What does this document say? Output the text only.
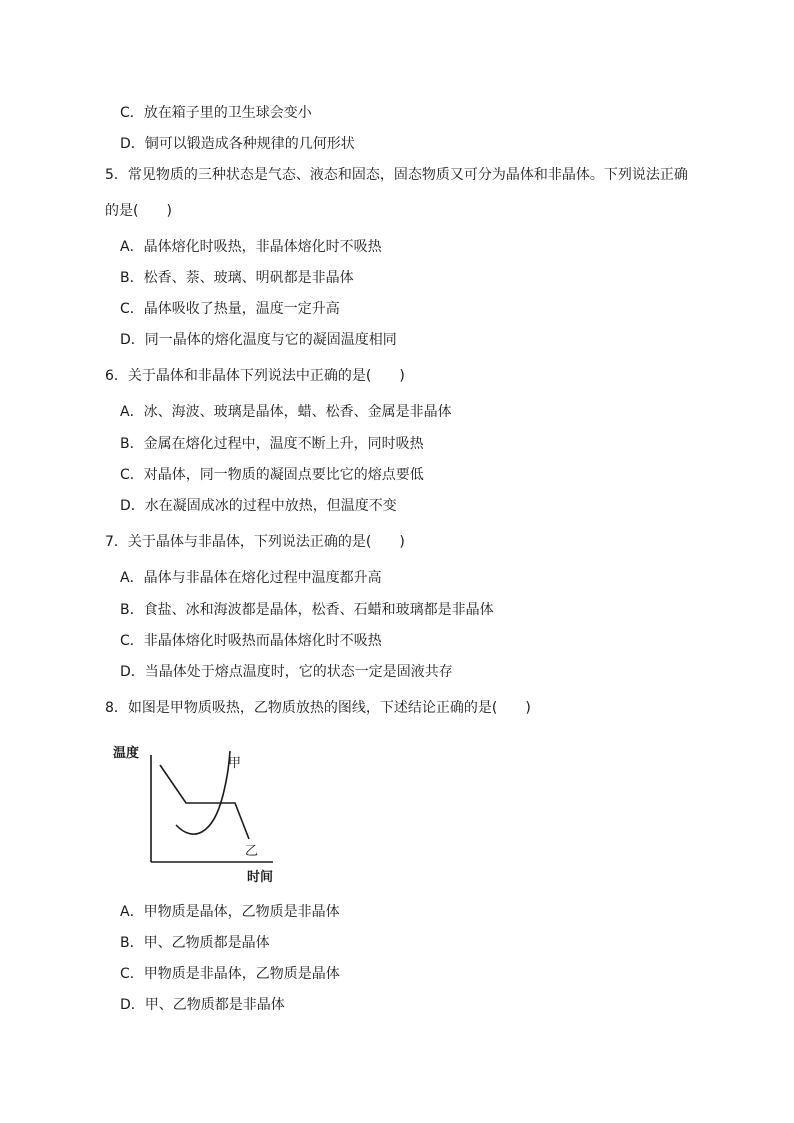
C．放在箱子里的卫生球会变小
D．铜可以锻造成各种规律的几何形状
5．常见物质的三种状态是气态、液态和固态，固态物质又可分为晶体和非晶体。下列说法正确
的是(　　)
A．晶体熔化时吸热，非晶体熔化时不吸热
B．松香、萘、玻璃、明矾都是非晶体
C．晶体吸收了热量，温度一定升高
D．同一晶体的熔化温度与它的凝固温度相同
6．关于晶体和非晶体下列说法中正确的是(　　)
A．冰、海波、玻璃是晶体，蜡、松香、金属是非晶体
B．金属在熔化过程中，温度不断上升，同时吸热
C．对晶体，同一物质的凝固点要比它的熔点要低
D．水在凝固成冰的过程中放热，但温度不变
7．关于晶体与非晶体，下列说法正确的是(　　)
A．晶体与非晶体在熔化过程中温度都升高
B．食盐、冰和海波都是晶体，松香、石蜡和玻璃都是非晶体
C．非晶体熔化时吸热而晶体熔化时不吸热
D．当晶体处于熔点温度时，它的状态一定是固液共存
8．如图是甲物质吸热，乙物质放热的图线，下述结论正确的是(　　)
温度
时间
甲
乙
A．甲物质是晶体，乙物质是非晶体
B．甲、乙物质都是晶体
C．甲物质是非晶体，乙物质是晶体
D．甲、乙物质都是非晶体
